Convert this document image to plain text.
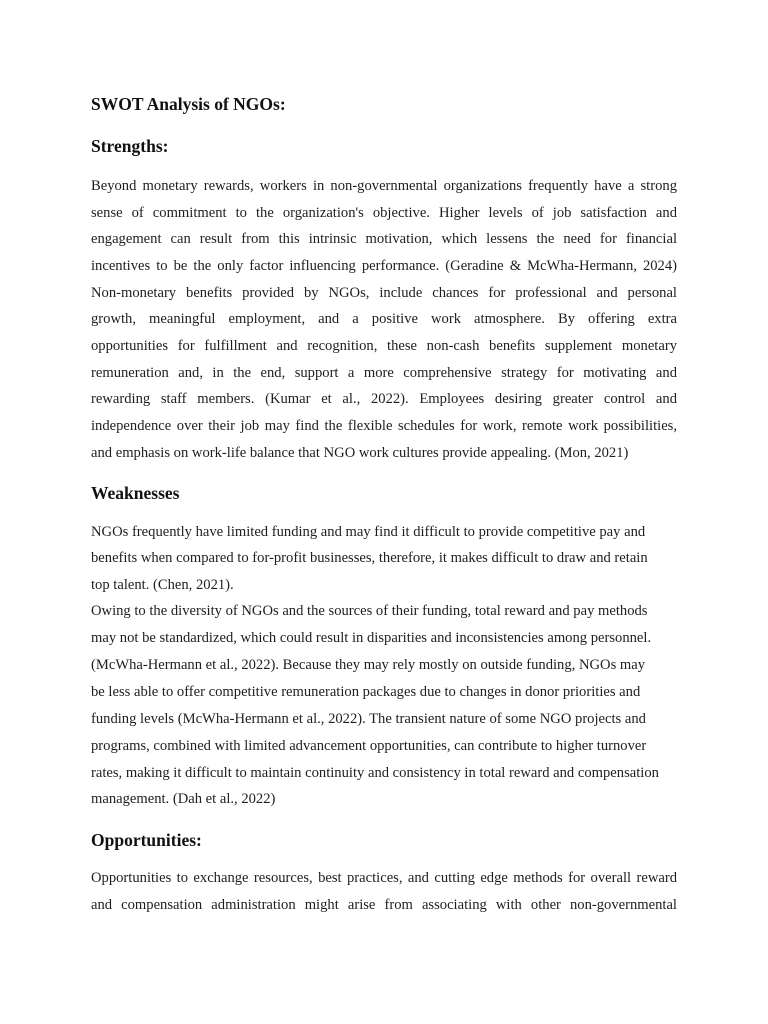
SWOT Analysis of NGOs:
Strengths:
Beyond monetary rewards, workers in non-governmental organizations frequently have a strong
sense of commitment to the organization's objective. Higher levels of job satisfaction and
engagement can result from this intrinsic motivation, which lessens the need for financial
incentives to be the only factor influencing performance. (Geradine & McWha-Hermann, 2024)
Non-monetary benefits provided by NGOs, include chances for professional and personal
growth, meaningful employment, and a positive work atmosphere. By offering extra
opportunities for fulfillment and recognition, these non-cash benefits supplement monetary
remuneration and, in the end, support a more comprehensive strategy for motivating and
rewarding staff members. (Kumar et al., 2022). Employees desiring greater control and
independence over their job may find the flexible schedules for work, remote work possibilities,
and emphasis on work-life balance that NGO work cultures provide appealing. (Mon, 2021)
Weaknesses
NGOs frequently have limited funding and may find it difficult to provide competitive pay and
benefits when compared to for-profit businesses, therefore, it makes difficult to draw and retain
top talent. (Chen, 2021).
Owing to the diversity of NGOs and the sources of their funding, total reward and pay methods
may not be standardized, which could result in disparities and inconsistencies among personnel.
(McWha-Hermann et al., 2022). Because they may rely mostly on outside funding, NGOs may
be less able to offer competitive remuneration packages due to changes in donor priorities and
funding levels (McWha-Hermann et al., 2022). The transient nature of some NGO projects and
programs, combined with limited advancement opportunities, can contribute to higher turnover
rates, making it difficult to maintain continuity and consistency in total reward and compensation
management. (Dah et al., 2022)
Opportunities:
Opportunities to exchange resources, best practices, and cutting edge methods for overall reward
and compensation administration might arise from associating with other non-governmental
